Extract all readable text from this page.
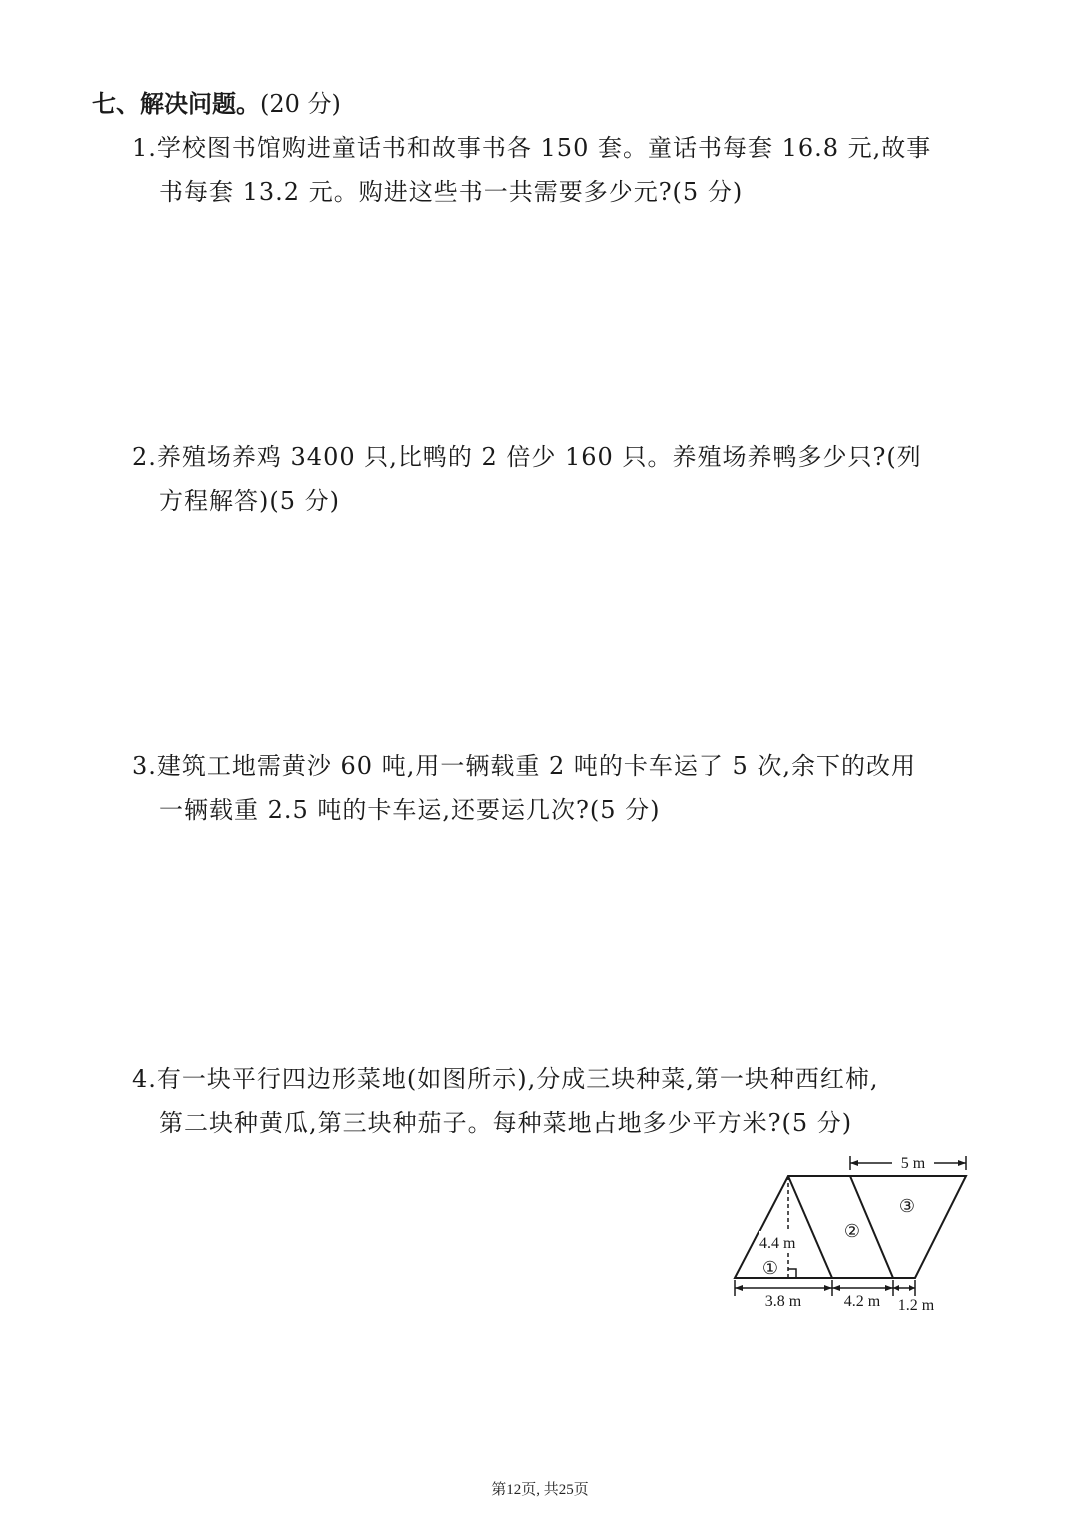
七、解决问题。(20 分)
1.学校图书馆购进童话书和故事书各 150 套。童话书每套 16.8 元,故事
书每套 13.2 元。购进这些书一共需要多少元?(5 分)
2.养殖场养鸡 3400 只,比鸭的 2 倍少 160 只。养殖场养鸭多少只?(列
方程解答)(5 分)
3.建筑工地需黄沙 60 吨,用一辆载重 2 吨的卡车运了 5 次,余下的改用
一辆载重 2.5 吨的卡车运,还要运几次?(5 分)
4.有一块平行四边形菜地(如图所示),分成三块种菜,第一块种西红柿,
第二块种黄瓜,第三块种茄子。每种菜地占地多少平方米?(5 分)
5 m
3.8 m	4.2 m 1.2 m
4.4 m
①
②
③
第12页, 共25页
